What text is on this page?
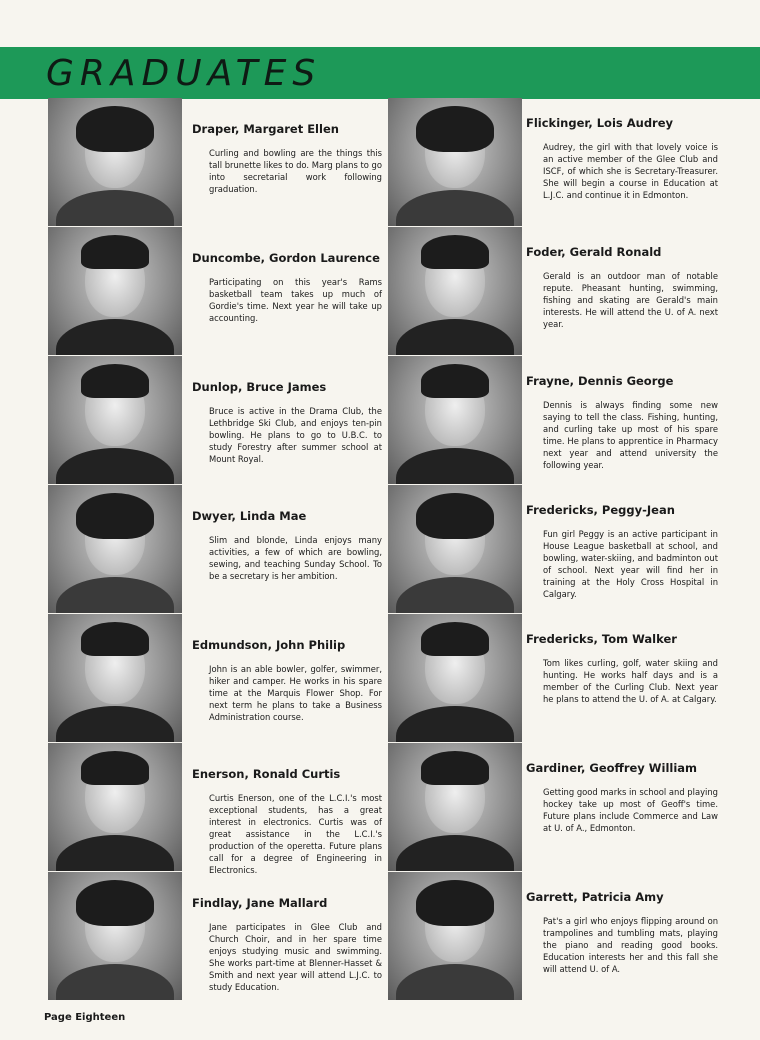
GRADUATES
Draper, Margaret Ellen
Curling and bowling are the things this tall brunette likes to do. Marg plans to go into secretarial work following graduation.
Duncombe, Gordon Laurence
Participating on this year's Rams basketball team takes up much of Gordie's time. Next year he will take up accounting.
Dunlop, Bruce James
Bruce is active in the Drama Club, the Lethbridge Ski Club, and enjoys ten-pin bowling. He plans to go to U.B.C. to study Forestry after summer school at Mount Royal.
Dwyer, Linda Mae
Slim and blonde, Linda enjoys many activities, a few of which are bowling, sewing, and teaching Sunday School. To be a secretary is her ambition.
Edmundson, John Philip
John is an able bowler, golfer, swimmer, hiker and camper. He works in his spare time at the Marquis Flower Shop. For next term he plans to take a Business Administration course.
Enerson, Ronald Curtis
Curtis Enerson, one of the L.C.I.'s most exceptional students, has a great interest in electronics. Curtis was of great assistance in the L.C.I.'s production of the operetta. Future plans call for a degree of Engineering in Electronics.
Findlay, Jane Mallard
Jane participates in Glee Club and Church Choir, and in her spare time enjoys studying music and swimming. She works part-time at Blenner-Hasset & Smith and next year will attend L.J.C. to study Education.
Flickinger, Lois Audrey
Audrey, the girl with that lovely voice is an active member of the Glee Club and ISCF, of which she is Secretary-Treasurer. She will begin a course in Education at L.J.C. and continue it in Edmonton.
Foder, Gerald Ronald
Gerald is an outdoor man of notable repute. Pheasant hunting, swimming, fishing and skating are Gerald's main interests. He will attend the U. of A. next year.
Frayne, Dennis George
Dennis is always finding some new saying to tell the class. Fishing, hunting, and curling take up most of his spare time. He plans to apprentice in Pharmacy next year and attend university the following year.
Fredericks, Peggy-Jean
Fun girl Peggy is an active participant in House League basketball at school, and bowling, water-skiing, and badminton out of school. Next year will find her in training at the Holy Cross Hospital in Calgary.
Fredericks, Tom Walker
Tom likes curling, golf, water skiing and hunting. He works half days and is a member of the Curling Club. Next year he plans to attend the U. of A. at Calgary.
Gardiner, Geoffrey William
Getting good marks in school and playing hockey take up most of Geoff's time. Future plans include Commerce and Law at U. of A., Edmonton.
Garrett, Patricia Amy
Pat's a girl who enjoys flipping around on trampolines and tumbling mats, playing the piano and reading good books. Education interests her and this fall she will attend U. of A.
Page Eighteen
